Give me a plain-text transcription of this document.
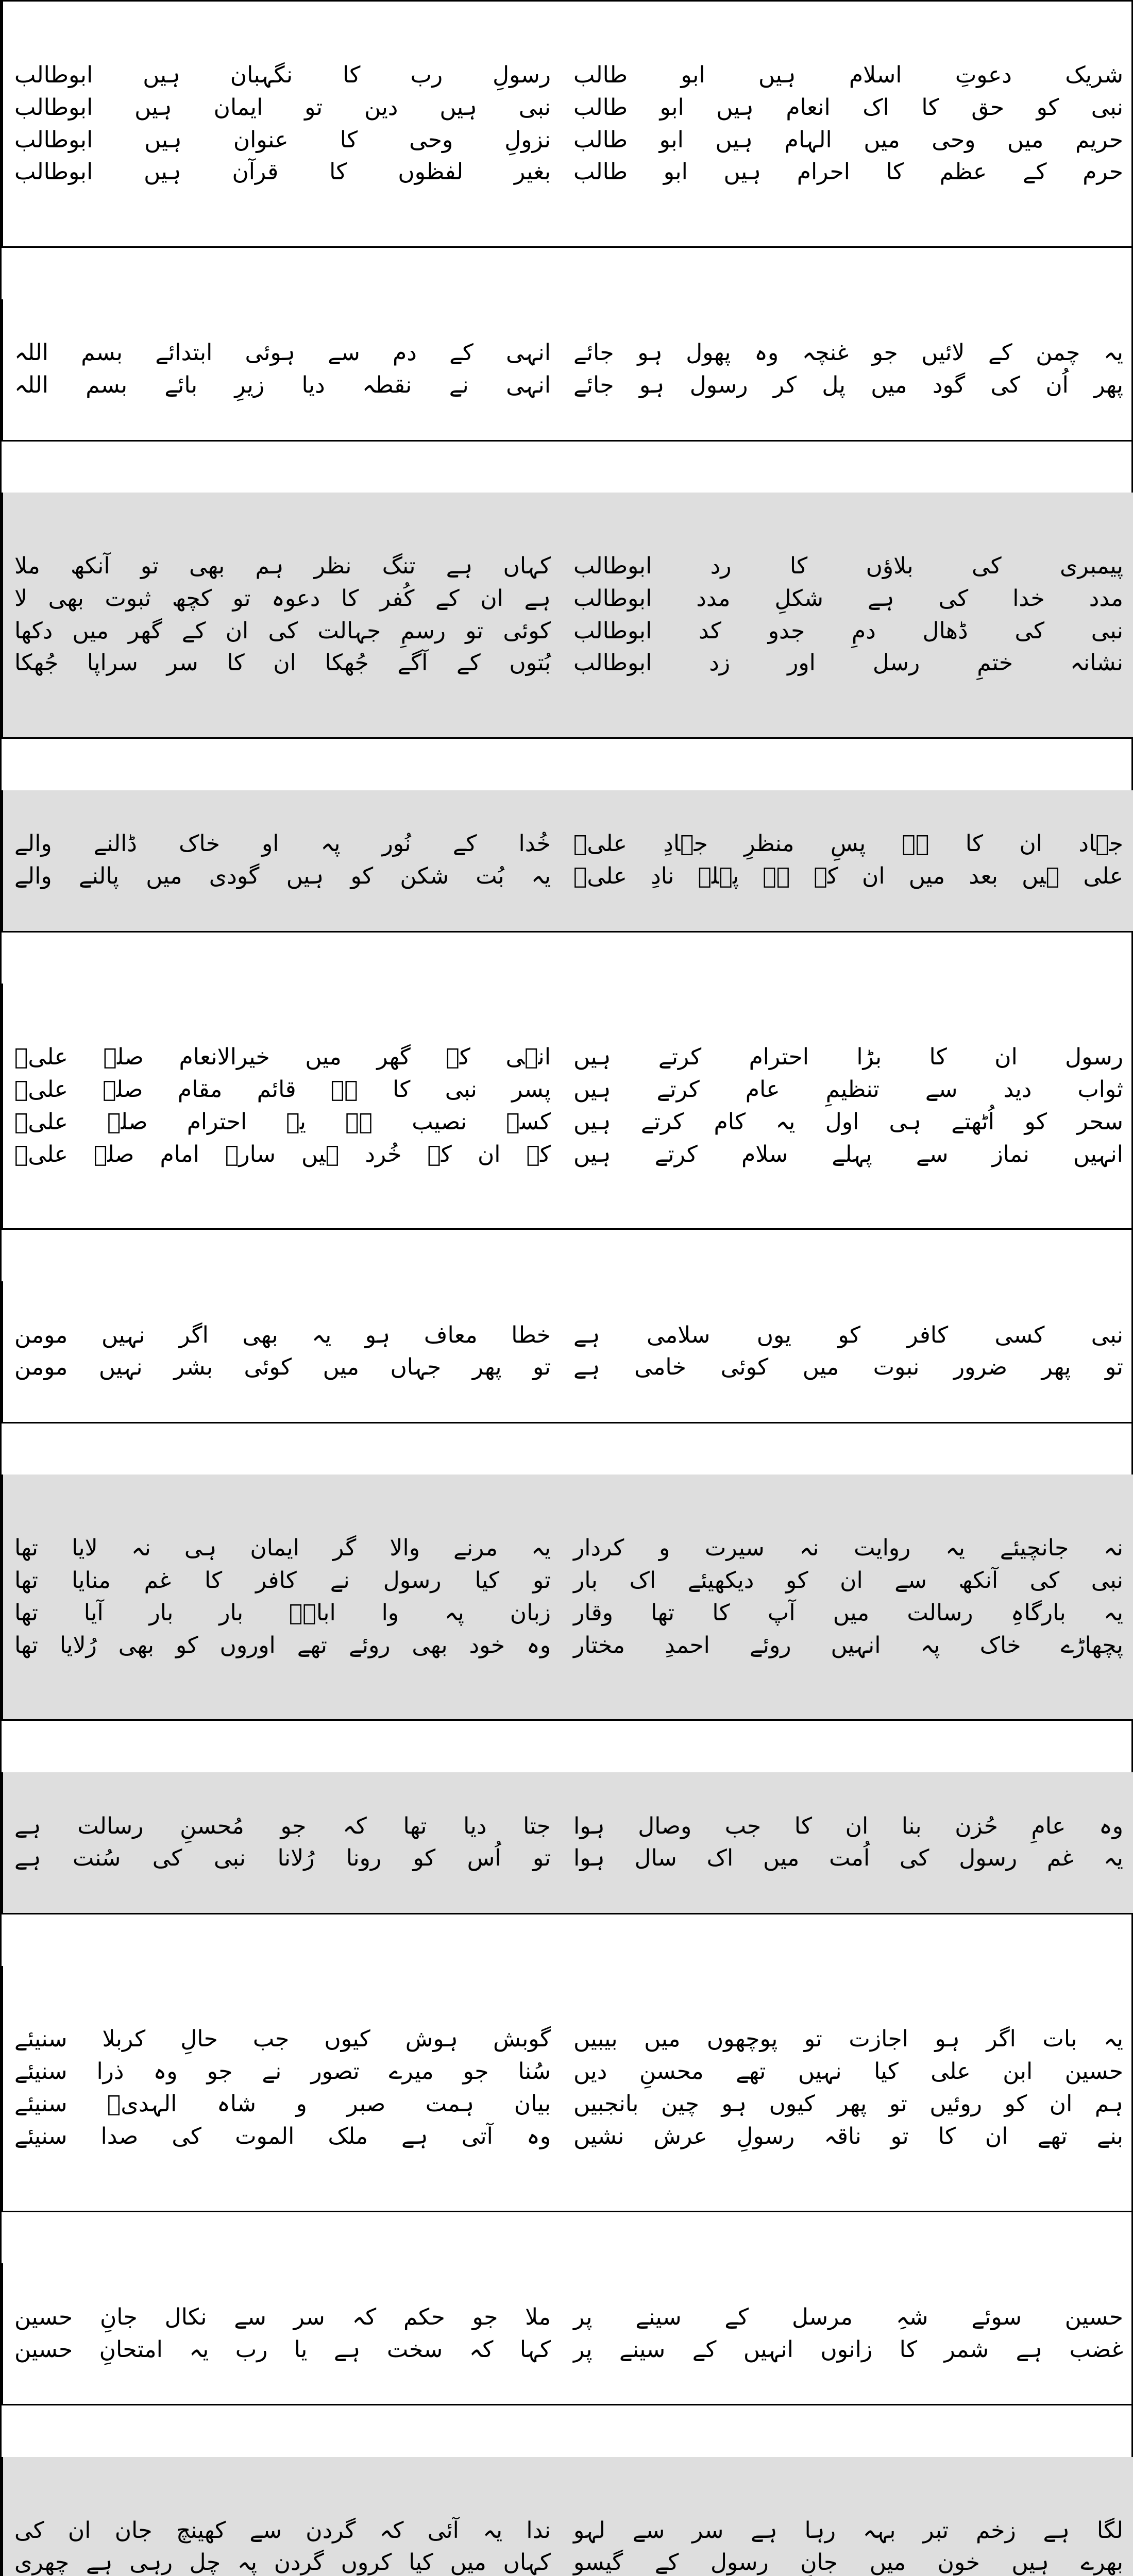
رسولِ رب کا نگہبان ہیں ابوطالب
نبی ہیں دین تو ایمان ہیں ابوطالب
نزولِ وحی کا عنوان ہیں ابوطالب
بغیر لفظوں کا قرآن ہیں ابوطالب
شریک دعوتِ اسلام ہیں ابو طالب
نبی کو حق کا اک انعام ہیں ابو طالب
حریم میں وحی میں الہام ہیں ابو طالب
حرم کے عظم کا احرام ہیں ابو طالب
انہی کے دم سے ہوئی ابتدائے بسم اللہ
انہی نے نقطہ دیا زیرِ بائے بسم اللہ
یہ چمن کے لائیں جو غنچہ وہ پھول ہو جائے
پھر اُن کی گود میں پل کر رسول ہو جائے
کہاں ہے تنگ نظر ہم بھی تو آنکھ ملا
ہے ان کے کُفر کا دعوہ تو کچھ ثبوت بھی لا
کوئی تو رسمِ جہالت کی ان کے گھر میں دکھا
بُتوں کے آگے جُھکا ان کا سر سراپا جُھکا
پیمبری کی بلاؤں کا رد ابوطالب
مدد خدا کی ہے شکلِ مدد ابوطالب
نبی کی ڈھال دمِ جدو کد ابوطالب
نشانہ ختمِ رسل اور زد ابوطالب
خُدا کے نُور پہ او خاک ڈالنے والے
یہ بُت شکن کو ہیں گودی میں پالنے والے
جہاد ان کا ہے پسِ منظرِ جہادِ علیؑ
علی ہیں بعد میں ان کے ہے پہلے نادِ علیؑ
انہی کے گھر میں خیرالانعام صلے علیؑ
پسر نبی کا ہے قائم مقام صلے علیؑ
کسے نصیب ہے یہ احترام صلے علیؑ
کہ ان کے خُرد ہیں سارے امام صلے علیؑ
رسول ان کا بڑا احترام کرتے ہیں
ثواب دید سے تنظیمِ عام کرتے ہیں
سحر کو اُٹھتے ہی اول یہ کام کرتے ہیں
انہیں نماز سے پہلے سلام کرتے ہیں
خطا معاف ہو یہ بھی اگر نہیں مومن
تو پھر جہاں میں کوئی بشر نہیں مومن
نبی کسی کافر کو یوں سلامی ہے
تو پھر ضرور نبوت میں کوئی خامی ہے
یہ مرنے والا گر ایمان ہی نہ لایا تھا
تو کیا رسول نے کافر کا غم منایا تھا
زبان پہ وا اباہؑ بار بار آیا تھا
وہ خود بھی روئے تھے اوروں کو بھی رُلایا تھا
نہ جانچیئے یہ روایت نہ سیرت و کردار
نبی کی آنکھ سے ان کو دیکھیئے اک بار
یہ بارگاہِ رسالت میں آپ کا تھا وقار
پچھاڑے خاک پہ انہیں روئے احمدِ مختار
جتا دیا تھا کہ جو مُحسنِ رسالت ہے
تو اُس کو رونا رُلانا نبی کی سُنت ہے
وہ عامِ حُزن بنا ان کا جب وصال ہوا
یہ غم رسول کی اُمت میں اک سال ہوا
گوبش ہوش کیوں جب حالِ کربلا سنیئے
سُنا جو میرے تصور نے جو وہ ذرا سنیئے
بیان ہمت صبر و شاہ الہدیؑ سنیئے
وہ آتی ہے ملک الموت کی صدا سنیئے
یہ بات اگر ہو اجازت تو پوچھوں میں بیبیں
حسین ابن علی کیا نہیں تھے محسنِ دیں
ہم ان کو روئیں تو پھر کیوں ہو چین بانجبیں
بنے تھے ان کا تو ناقہ رسولِ عرش نشیں
ملا جو حکم کہ سر سے نکال جانِ حسین
کہا کہ سخت ہے یا رب یہ امتحانِ حسین
حسین سوئے شہِ مرسل کے سینے پر
غضب ہے شمر کا زانوں انہیں کے سینے پر
ندا یہ آئی کہ گردن سے کھینچ جان ان کی
کہاں میں کیا کروں گردن پہ چل رہی ہے چھری
لگا ہے زخم تبر بہہ رہا ہے سر سے لہو
بھرے ہیں خون میں جانِ رسول کے گیسو
